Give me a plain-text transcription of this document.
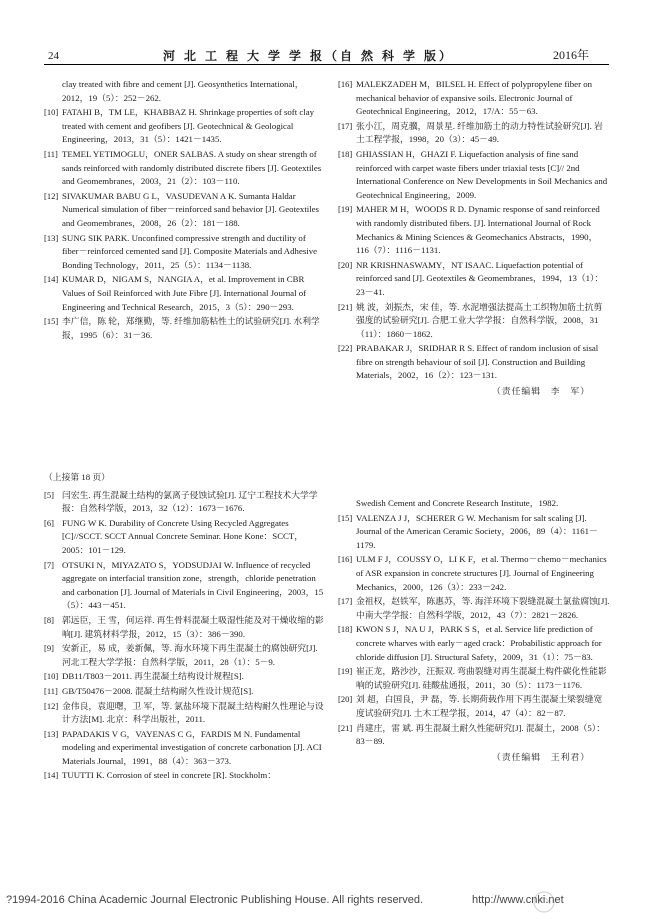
24	河 北 工 程 大 学 学 报（自 然 科 学 版）	2016年
clay treated with fibre and cement [J]. Geosynthetics International，2012，19（5）：252－262.
[ 10 ] FATAHI B，TM LE，KHABBAZ H. Shrinkage properties of soft clay treated with cement and geofibers [J]. Geotechnical & Geological Engineering，2013，31（5）：1421－1435.
[ 11 ] TEMEL YETIMOGLU，ONER SALBAS. A study on shear strength of sands reinforced with randomly distributed discrete fibers [J]. Geotextiles and Geomembranes，2003，21（2）：103－110.
[ 12 ] SIVAKUMAR BABU G L，VASUDEVAN A K. Sumanta Haldar Numerical simulation of fiber－reinforced sand behavior [J]. Geotextiles and Geomembranes，2008，26（2）：181－188.
[ 13 ] SUNG SIK PARK. Unconfined compressive strength and ductility of fiber－reinforced cemented sand [J]. Composite Materials and Adhesive Bonding Technology，2011，25（5）：1134－1138.
[ 14 ] KUMAR D，NIGAM S，NANGIA A，et al. Improvement in CBR Values of Soil Reinforced with Jute Fibre [J]. International Journal of Engineering and Technical Research，2015，3（5）：290－293.
[ 15 ] 李广信，陈 轮，郑继勤，等. 纤维加筋粘性土的试验研究[J]. 水利学报，1995（6）：31－36.
[ 16 ] MALEKZADEH M，BILSEL H. Effect of polypropylene fiber on mechanical behavior of expansive soils. Electronic Journal of Geotechnical Engineering，2012，17/A：55－63.
[ 17 ] 张小江，周克骥，周景星. 纤维加筋土的动力特性试验研究[J]. 岩土工程学报，1998，20（3）：45－49.
[ 18 ] GHIASSIAN H，GHAZI F. Liquefaction analysis of fine sand reinforced with carpet waste fibers under triaxial tests [C]// 2nd International Conference on New Developments in Soil Mechanics and Geotechnical Engineering，2009.
[ 19 ] MAHER M H，WOODS R D. Dynamic response of sand reinforced with randomly distributed fibers. [J]. International Journal of Rock Mechanics & Mining Sciences & Geomechanics Abstracts，1990，116（7）：1116－1131.
[ 20 ] NR KRISHNASWAMY，NT ISAAC. Liquefaction potential of reinforced sand [J]. Geotextiles & Geomembranes，1994，13（1）：23－41.
[ 21 ] 姚 波，刘振杰，宋 佳，等. 水泥增强法提高土工织物加筋土抗剪强度的试验研究[J]. 合肥工业大学学报：自然科学版，2008，31（11）：1860－1862.
[ 22 ] PRABAKAR J，SRIDHAR R S. Effect of random inclusion of sisal fibre on strength behaviour of soil [J]. Construction and Building Materials，2002，16（2）：123－131.
（责任编辑　李　军）
（上接第 18 页）
[ 5 ]	闫宏生. 再生混凝土结构的氯离子侵蚀试验[J]. 辽宁工程技术大学学报：自然科学版，2013，32（12）：1673－1676.
[ 6 ]	FUNG W K. Durability of Concrete Using Recycled Aggregates [C]//SCCT. SCCT Annual Concrete Seminar. Hone Kone：SCCT，2005：101－129.
[ 7 ]	OTSUKI N，MIYAZATO S，YODSUDJAI W. Influence of recycled aggregate on interfacial transition zone，strength，chloride penetration and carbonation [J]. Journal of Materials in Civil Engineering，2003，15（5）：443－451.
[ 8 ]	郭远臣，王 雪，何运祥. 再生骨料混凝土吸湿性能及对干燥收缩的影响[J]. 建筑材料学报，2012，15（3）：386－390.
[ 9 ]	安新正，易 成，姜新佩，等. 海水环境下再生混凝土的腐蚀研究[J]. 河北工程大学学报：自然科学版，2011，28（1）：5－9.
[ 10 ] DB11/T803－2011. 再生混凝土结构设计规程[S].
[ 11 ] GB/T50476－2008. 混凝土结构耐久性设计规范[S].
[ 12 ] 金伟良，袁迎曙，卫 军，等. 氯盐环境下混凝土结构耐久性理论与设计方法[M]. 北京：科学出版社，2011.
[ 13 ] PAPADAKIS V G，VAYENAS C G，FARDIS M N. Fundamental modeling and experimental investigation of concrete carbonation [J]. ACI Materials Journal，1991，88（4）：363－373.
[ 14 ] TUUTTI K. Corrosion of steel in concrete [R]. Stockholm：
Swedish Cement and Concrete Research Institute，1982.
[ 15 ] VALENZA J J，SCHERER G W. Mechanism for salt scaling [J]. Journal of the American Ceramic Society，2006，89（4）：1161－1179.
[ 16 ] ULM F J，COUSSY O，LI K F，et al. Thermo－chemo－mechanics of ASR expansion in concrete structures [J]. Journal of Engineering Mechanics，2000，126（3）：233－242.
[ 17 ] 金祖权，赵铁军，陈惠苏，等. 海洋环境下裂缝混凝土氯盐腐蚀[J]. 中南大学学报：自然科学版，2012，43（7）：2821－2826.
[ 18 ] KWON S J，NA U J，PARK S S，et al. Service life prediction of concrete wharves with early－aged crack：Probabilistic approach for chloride diffusion [J]. Structural Safety，2009，31（1）：75－83.
[ 19 ] 崔正龙，路沙沙，汪振双. 弯曲裂缝对再生混凝土构件碳化性能影响的试验研究[J]. 硅酸盐通报，2011，30（5）：1173－1176.
[ 20 ] 刘 超，白国良，尹 磊，等. 长期荷载作用下再生混凝土梁裂缝宽度试验研究[J]. 土木工程学报，2014，47（4）：82－87.
[ 21 ] 肖建庄，雷 斌. 再生混凝土耐久性能研究[J]. 混凝土，2008（5）：83－89.
（责任编辑　王利君）
?1994-2016 China Academic Journal Electronic Publishing House. All rights reserved.	http://www.cnki.net
